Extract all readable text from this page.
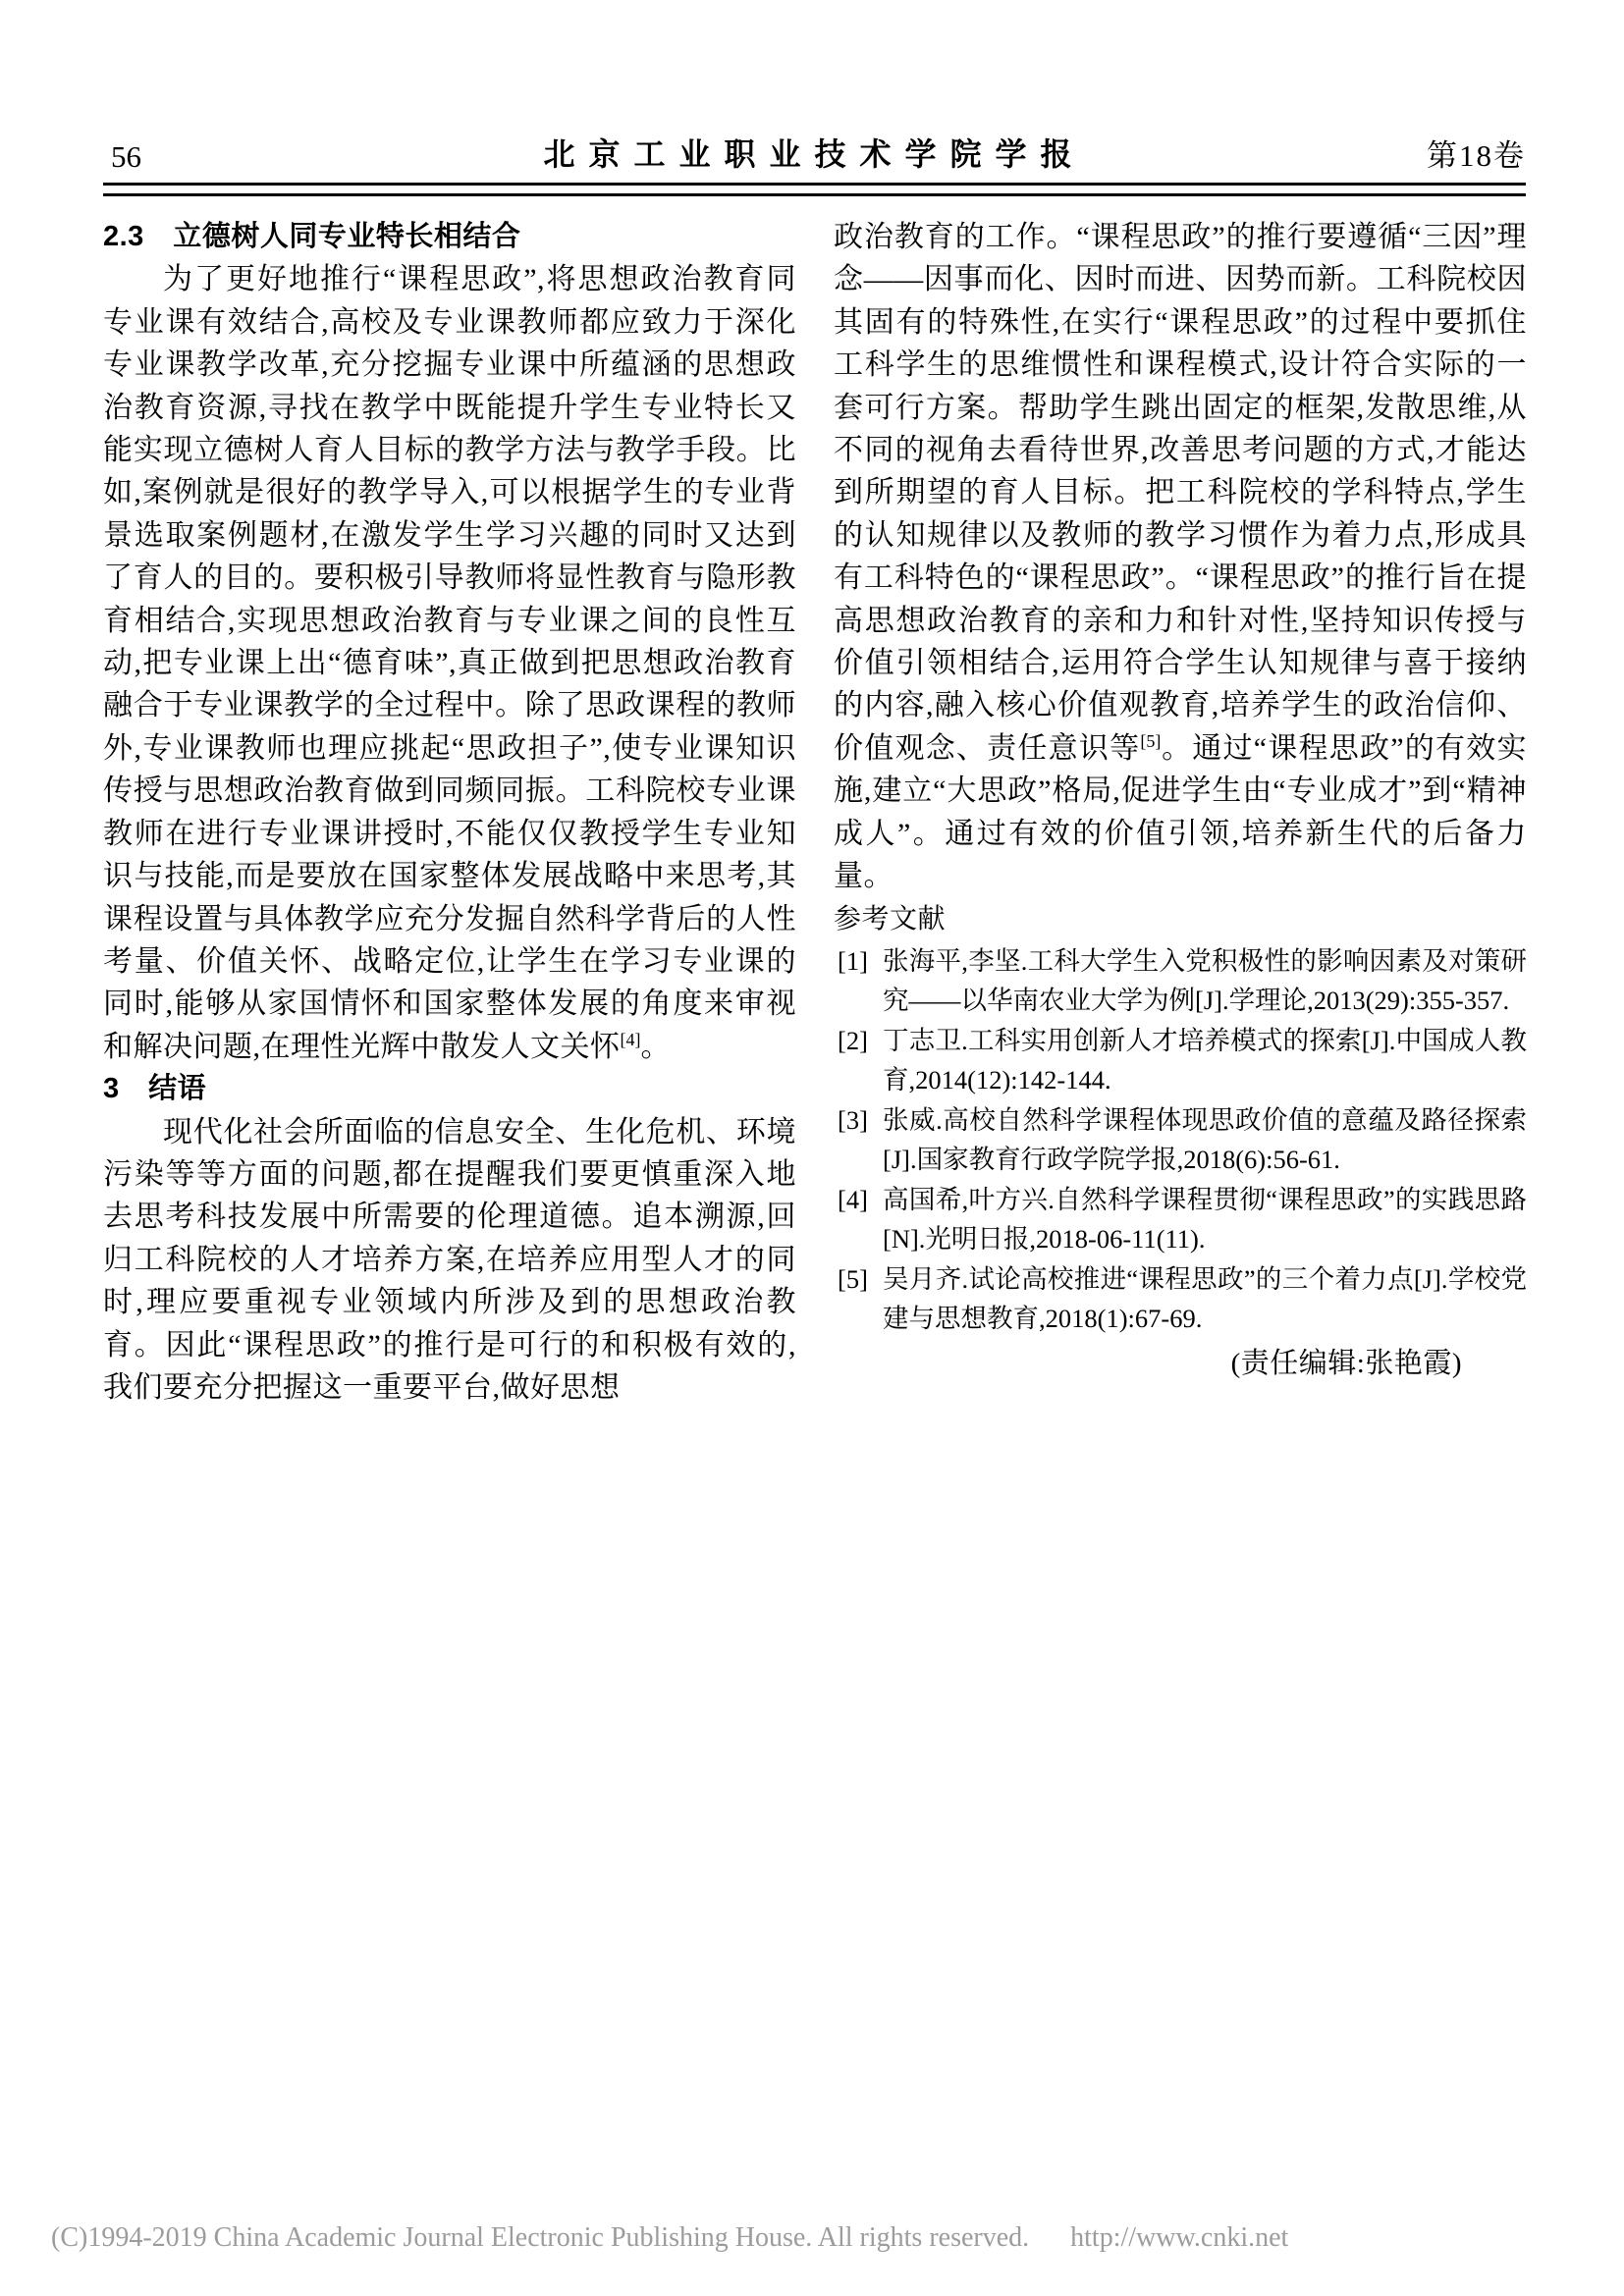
56	北京工业职业技术学院学报	第18卷
2.3　立德树人同专业特长相结合

为了更好地推行“课程思政”,将思想政治教育同专业课有效结合,高校及专业课教师都应致力于深化专业课教学改革,充分挖掘专业课中所蕴涵的思想政治教育资源,寻找在教学中既能提升学生专业特长又能实现立德树人育人目标的教学方法与教学手段。比如,案例就是很好的教学导入,可以根据学生的专业背景选取案例题材,在激发学生学习兴趣的同时又达到了育人的目的。要积极引导教师将显性教育与隐形教育相结合,实现思想政治教育与专业课之间的良性互动,把专业课上出“德育味”,真正做到把思想政治教育融合于专业课教学的全过程中。除了思政课程的教师外,专业课教师也理应挑起“思政担子”,使专业课知识传授与思想政治教育做到同频同振。工科院校专业课教师在进行专业课讲授时,不能仅仅教授学生专业知识与技能,而是要放在国家整体发展战略中来思考,其课程设置与具体教学应充分发掘自然科学背后的人性考量、价值关怀、战略定位,让学生在学习专业课的同时,能够从家国情怀和国家整体发展的角度来审视和解决问题,在理性光辉中散发人文关怀[4]。

3　结语

现代化社会所面临的信息安全、生化危机、环境污染等等方面的问题,都在提醒我们要更慎重深入地去思考科技发展中所需要的伦理道德。追本溯源,回归工科院校的人才培养方案,在培养应用型人才的同时,理应要重视专业领域内所涉及到的思想政治教育。因此“课程思政”的推行是可行的和积极有效的,我们要充分把握这一重要平台,做好思想

政治教育的工作。“课程思政”的推行要遵循“三因”理念——因事而化、因时而进、因势而新。工科院校因其固有的特殊性,在实行“课程思政”的过程中要抓住工科学生的思维惯性和课程模式,设计符合实际的一套可行方案。帮助学生跳出固定的框架,发散思维,从不同的视角去看待世界,改善思考问题的方式,才能达到所期望的育人目标。把工科院校的学科特点,学生的认知规律以及教师的教学习惯作为着力点,形成具有工科特色的“课程思政”。“课程思政”的推行旨在提高思想政治教育的亲和力和针对性,坚持知识传授与价值引领相结合,运用符合学生认知规律与喜于接纳的内容,融入核心价值观教育,培养学生的政治信仰、价值观念、责任意识等[5]。通过“课程思政”的有效实施,建立“大思政”格局,促进学生由“专业成才”到“精神成人”。通过有效的价值引领,培养新生代的后备力量。

参考文献
[1] 张海平,李坚.工科大学生入党积极性的影响因素及对策研究——以华南农业大学为例[J].学理论,2013(29):355-357.
[2] 丁志卫.工科实用创新人才培养模式的探索[J].中国成人教育,2014(12):142-144.
[3] 张威.高校自然科学课程体现思政价值的意蕴及路径探索[J].国家教育行政学院学报,2018(6):56-61.
[4] 高国希,叶方兴.自然科学课程贯彻“课程思政”的实践思路[N].光明日报,2018-06-11(11).
[5] 吴月齐.试论高校推进“课程思政”的三个着力点[J].学校党建与思想教育,2018(1):67-69.

(责任编辑:张艳霞)

(C)1994-2019 China Academic Journal Electronic Publishing House. All rights reserved. http://www.cnki.net
